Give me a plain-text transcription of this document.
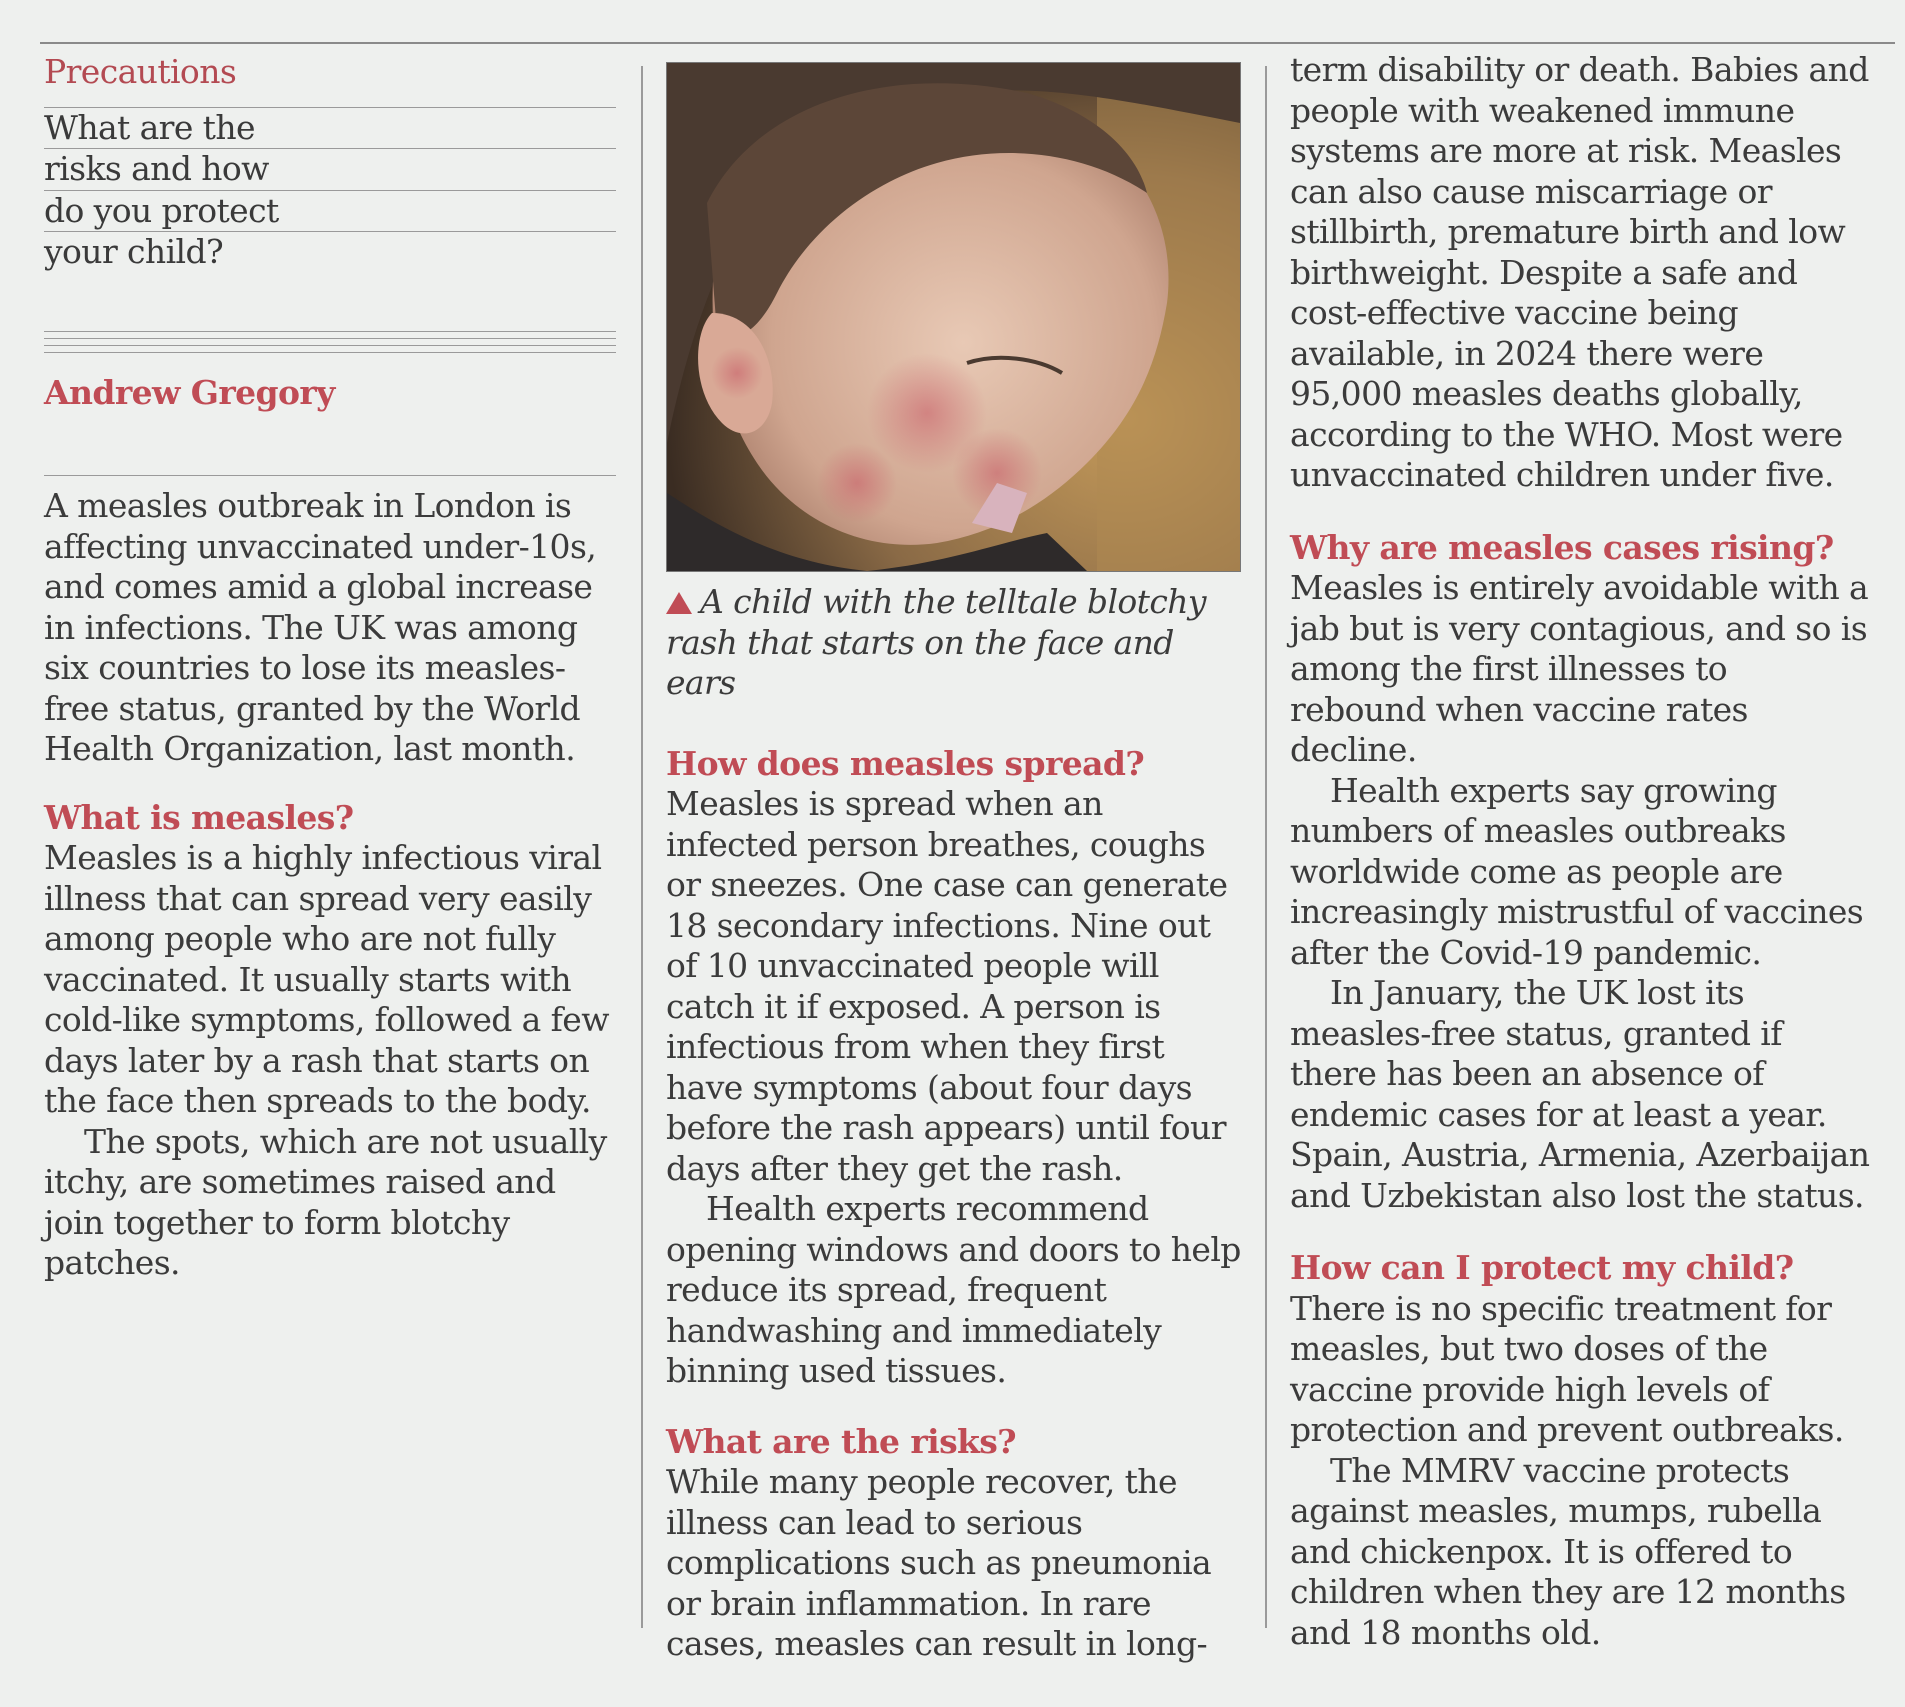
Precautions

What are the

risks and how

do you protect

your child?

Andrew Gregory

A measles outbreak in London is affecting unvaccinated under-10s, and comes amid a global increase in infections. The UK was among six countries to lose its measles-free status, granted by the World Health Organization, last month.

What is measles?

Measles is a highly infectious viral illness that can spread very easily among people who are not fully vaccinated. It usually starts with cold-like symptoms, followed a few days later by a rash that starts on the face then spreads to the body.

The spots, which are not usually itchy, are sometimes raised and join together to form blotchy patches.

A child with the telltale blotchy rash that starts on the face and ears

How does measles spread?

Measles is spread when an infected person breathes, coughs or sneezes. One case can generate 18 secondary infections. Nine out of 10 unvaccinated people will catch it if exposed. A person is infectious from when they first have symptoms (about four days before the rash appears) until four days after they get the rash.

Health experts recommend opening windows and doors to help reduce its spread, frequent handwashing and immediately binning used tissues.

What are the risks?

While many people recover, the illness can lead to serious complications such as pneumonia or brain inflammation. In rare cases, measles can result in long-

term disability or death. Babies and people with weakened immune systems are more at risk. Measles can also cause miscarriage or stillbirth, premature birth and low birthweight. Despite a safe and cost-effective vaccine being available, in 2024 there were 95,000 measles deaths globally, according to the WHO. Most were unvaccinated children under five.

Why are measles cases rising?

Measles is entirely avoidable with a jab but is very contagious, and so is among the first illnesses to rebound when vaccine rates decline.

Health experts say growing numbers of measles outbreaks worldwide come as people are increasingly mistrustful of vaccines after the Covid-19 pandemic.

In January, the UK lost its measles-free status, granted if there has been an absence of endemic cases for at least a year. Spain, Austria, Armenia, Azerbaijan and Uzbekistan also lost the status.

How can I protect my child?

There is no specific treatment for measles, but two doses of the vaccine provide high levels of protection and prevent outbreaks.

The MMRV vaccine protects against measles, mumps, rubella and chickenpox. It is offered to children when they are 12 months and 18 months old.
